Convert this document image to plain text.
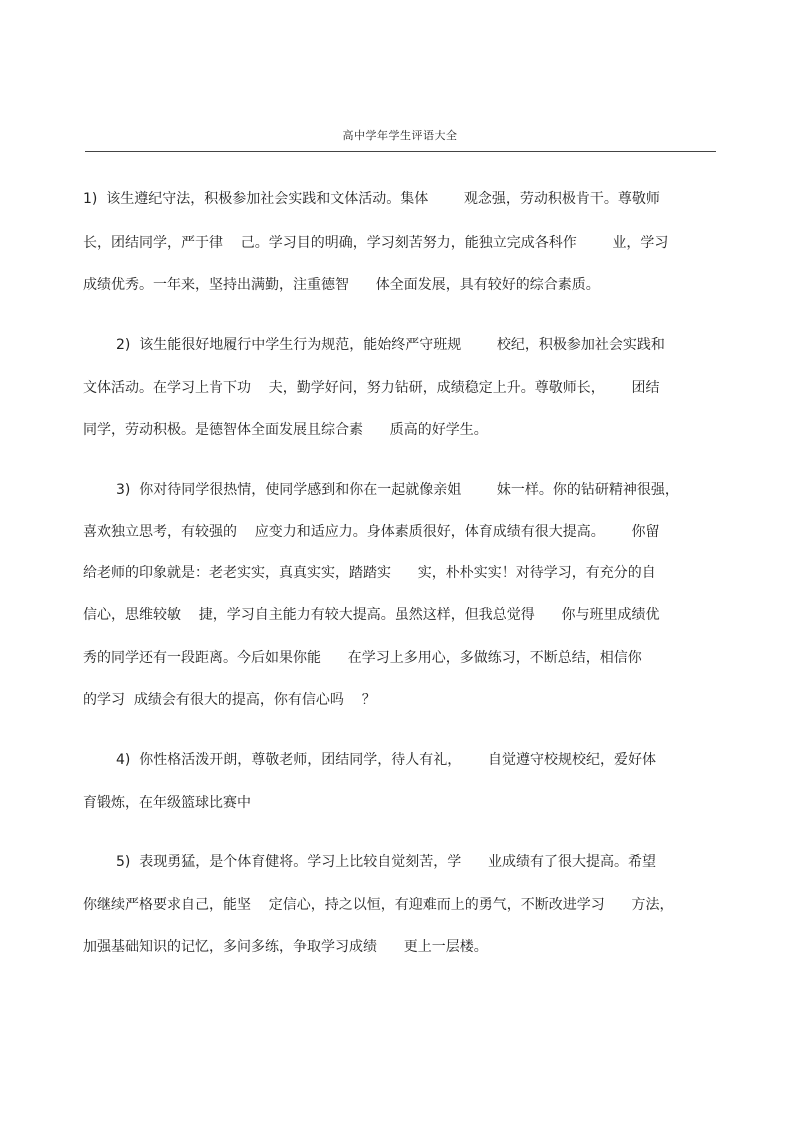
高中学年学生评语大全
1)  该生遵纪守法，积极参加社会实践和文体活动。集体        观念强，劳动积极肯干。尊敬师
长，团结同学，严于律    己。学习目的明确，学习刻苦努力，能独立完成各科作        业，学习
成绩优秀。一年来，坚持出满勤，注重德智      体全面发展，具有较好的综合素质。
2)  该生能很好地履行中学生行为规范，能始终严守班规        校纪，积极参加社会实践和
文体活动。在学习上肯下功    夫，勤学好问，努力钻研，成绩稳定上升。尊敬师长，      团结
同学，劳动积极。是德智体全面发展且综合素      质高的好学生。
3)  你对待同学很热情，使同学感到和你在一起就像亲姐        妹一样。你的钻研精神很强，
喜欢独立思考，有较强的    应变力和适应力。身体素质很好，体育成绩有很大提高。      你留
给老师的印象就是：老老实实，真真实实，踏踏实      实，朴朴实实！对待学习，有充分的自
信心，思维较敏    捷，学习自主能力有较大提高。虽然这样，但我总觉得      你与班里成绩优
秀的同学还有一段距离。今后如果你能      在学习上多用心，多做练习，不断总结，相信你
的学习  成绩会有很大的提高，你有信心吗    ？
4)  你性格活泼开朗，尊敬老师，团结同学，待人有礼，      自觉遵守校规校纪，爱好体
育锻炼，在年级篮球比赛中
5)  表现勇猛，是个体育健将。学习上比较自觉刻苦，学      业成绩有了很大提高。希望
你继续严格要求自己，能坚    定信心，持之以恒，有迎难而上的勇气，不断改进学习      方法，
加强基础知识的记忆，多问多练，争取学习成绩      更上一层楼。
